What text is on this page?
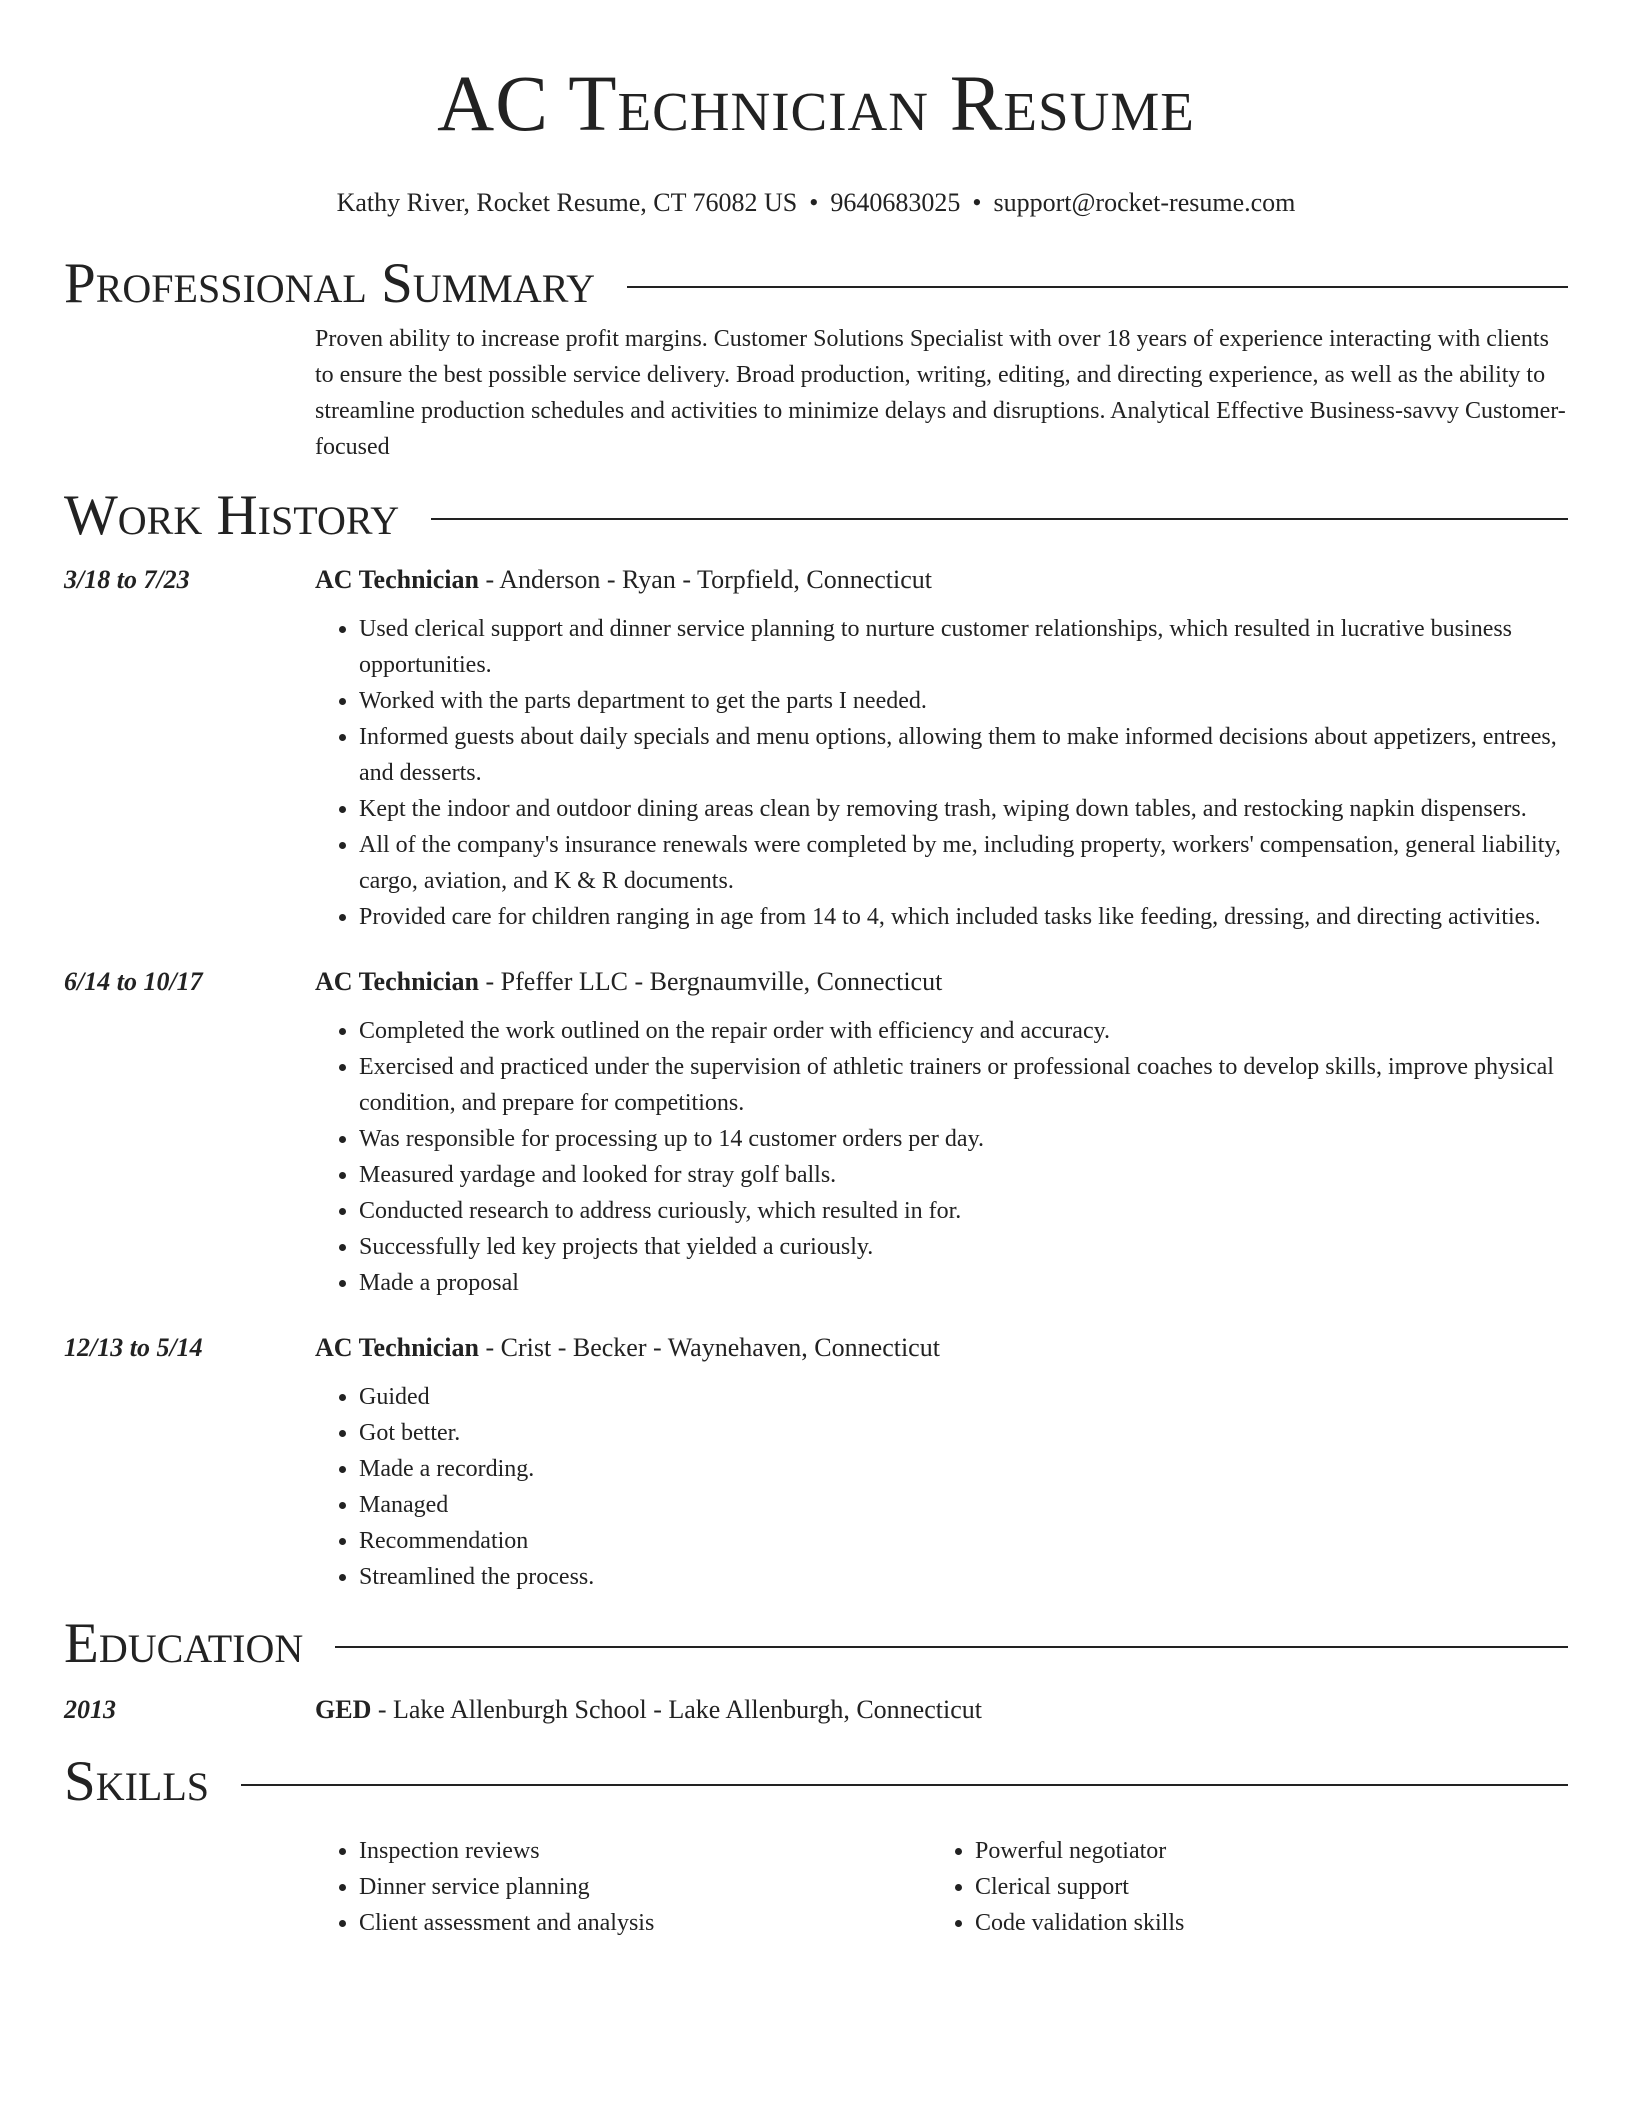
AC Technician Resume
Kathy River, Rocket Resume, CT 76082 US • 9640683025 • support@rocket-resume.com
Professional Summary
Proven ability to increase profit margins. Customer Solutions Specialist with over 18 years of experience interacting with clients to ensure the best possible service delivery. Broad production, writing, editing, and directing experience, as well as the ability to streamline production schedules and activities to minimize delays and disruptions. Analytical Effective Business-savvy Customer-focused
Work History
3/18 to 7/23	AC Technician - Anderson - Ryan - Torpfield, Connecticut
• Used clerical support and dinner service planning to nurture customer relationships, which resulted in lucrative business opportunities.
• Worked with the parts department to get the parts I needed.
• Informed guests about daily specials and menu options, allowing them to make informed decisions about appetizers, entrees, and desserts.
• Kept the indoor and outdoor dining areas clean by removing trash, wiping down tables, and restocking napkin dispensers.
• All of the company's insurance renewals were completed by me, including property, workers' compensation, general liability, cargo, aviation, and K & R documents.
• Provided care for children ranging in age from 14 to 4, which included tasks like feeding, dressing, and directing activities.
6/14 to 10/17	AC Technician - Pfeffer LLC - Bergnaumville, Connecticut
• Completed the work outlined on the repair order with efficiency and accuracy.
• Exercised and practiced under the supervision of athletic trainers or professional coaches to develop skills, improve physical condition, and prepare for competitions.
• Was responsible for processing up to 14 customer orders per day.
• Measured yardage and looked for stray golf balls.
• Conducted research to address curiously, which resulted in for.
• Successfully led key projects that yielded a curiously.
• Made a proposal
12/13 to 5/14	AC Technician - Crist - Becker - Waynehaven, Connecticut
• Guided
• Got better.
• Made a recording.
• Managed
• Recommendation
• Streamlined the process.
Education
2013	GED - Lake Allenburgh School - Lake Allenburgh, Connecticut
Skills
• Inspection reviews
• Dinner service planning
• Client assessment and analysis
• Powerful negotiator
• Clerical support
• Code validation skills
